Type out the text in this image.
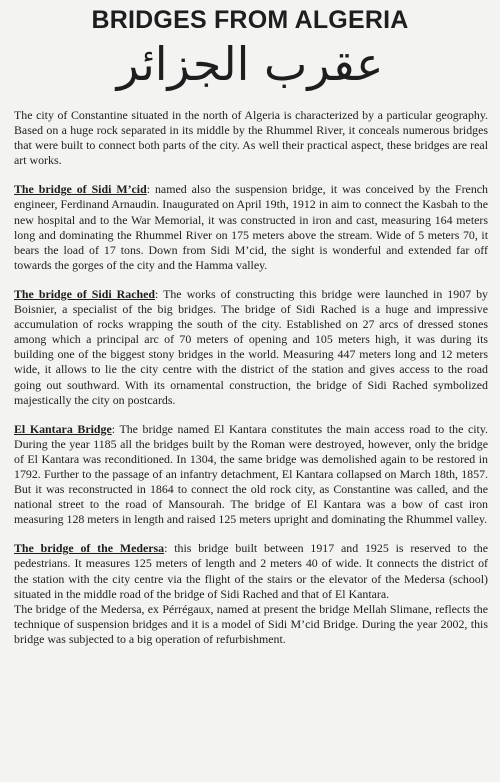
BRIDGES FROM ALGERIA
عقرب الجزائر

The city of Constantine situated in the north of Algeria is characterized by a particular geography. Based on a huge rock separated in its middle by the Rhummel River, it conceals numerous bridges that were built to connect both parts of the city. As well their practical aspect, these bridges are real art works.

The bridge of Sidi M’cid: named also the suspension bridge, it was conceived by the French engineer, Ferdinand Arnaudin. Inaugurated on April 19th, 1912 in aim to connect the Kasbah to the new hospital and to the War Memorial, it was constructed in iron and cast, measuring 164 meters long and dominating the Rhummel River on 175 meters above the stream. Wide of 5 meters 70, it bears the load of 17 tons. Down from Sidi M’cid, the sight is wonderful and extended far off towards the gorges of the city and the Hamma valley.

The bridge of Sidi Rached: The works of constructing this bridge were launched in 1907 by Boisnier, a specialist of the big bridges. The bridge of Sidi Rached is a huge and impressive accumulation of rocks wrapping the south of the city. Established on 27 arcs of dressed stones among which a principal arc of 70 meters of opening and 105 meters high, it was during its building one of the biggest stony bridges in the world. Measuring 447 meters long and 12 meters wide, it allows to lie the city centre with the district of the station and gives access to the road going out southward. With its ornamental construction, the bridge of Sidi Rached symbolized majestically the city on postcards.

El Kantara Bridge: The bridge named El Kantara constitutes the main access road to the city. During the year 1185 all the bridges built by the Roman were destroyed, however, only the bridge of El Kantara was reconditioned. In 1304, the same bridge was demolished again to be restored in 1792. Further to the passage of an infantry detachment, El Kantara collapsed on March 18th, 1857. But it was reconstructed in 1864 to connect the old rock city, as Constantine was called, and the national street to the road of Mansourah. The bridge of El Kantara was a bow of cast iron measuring 128 meters in length and raised 125 meters upright and dominating the Rhummel valley.

The bridge of the Medersa: this bridge built between 1917 and 1925 is reserved to the pedestrians. It measures 125 meters of length and 2 meters 40 of wide. It connects the district of the station with the city centre via the flight of the stairs or the elevator of the Medersa (school) situated in the middle road of the bridge of Sidi Rached and that of El Kantara.

The bridge of the Medersa, ex Pérrégaux, named at present the bridge Mellah Slimane, reflects the technique of suspension bridges and it is a model of Sidi M’cid Bridge. During the year 2002, this bridge was subjected to a big operation of refurbishment.
